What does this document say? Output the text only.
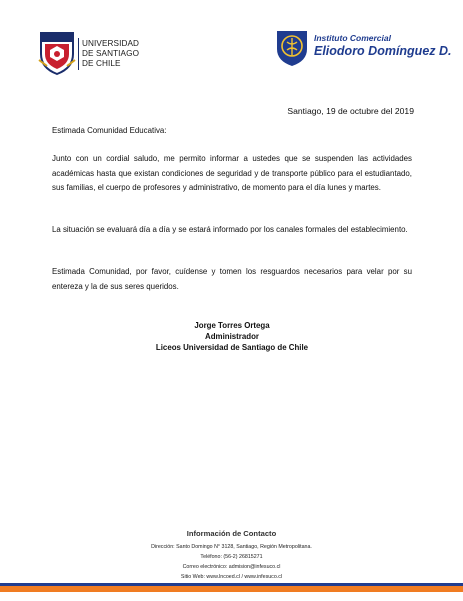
UNIVERSIDAD
DE SANTIAGO
DE CHILE
Instituto Comercial
Eliodoro Domínguez D.
Santiago, 19 de octubre del 2019

Estimada Comunidad Educativa:

Junto con un cordial saludo, me permito informar a ustedes que se suspenden las actividades académicas hasta que existan condiciones de seguridad y de transporte público para el estudiantado, sus familias, el cuerpo de profesores y administrativo, de momento para el día lunes y martes.

La situación se evaluará día a día y se estará informado por los canales formales del establecimiento.

Estimada Comunidad, por favor, cuídense y tomen los resguardos necesarios para velar por su entereza y la de sus seres queridos.

Jorge Torres Ortega
Administrador
Liceos Universidad de Santiago de Chile
Información de Contacto
Dirección: Santo Domingo N° 3128, Santiago, Región Metropolitana.
Teléfono: (56-2) 26815271
Correo electrónico: admision@infesuco.cl
Sitio Web: www.lncoed.cl / www.infesuco.cl
